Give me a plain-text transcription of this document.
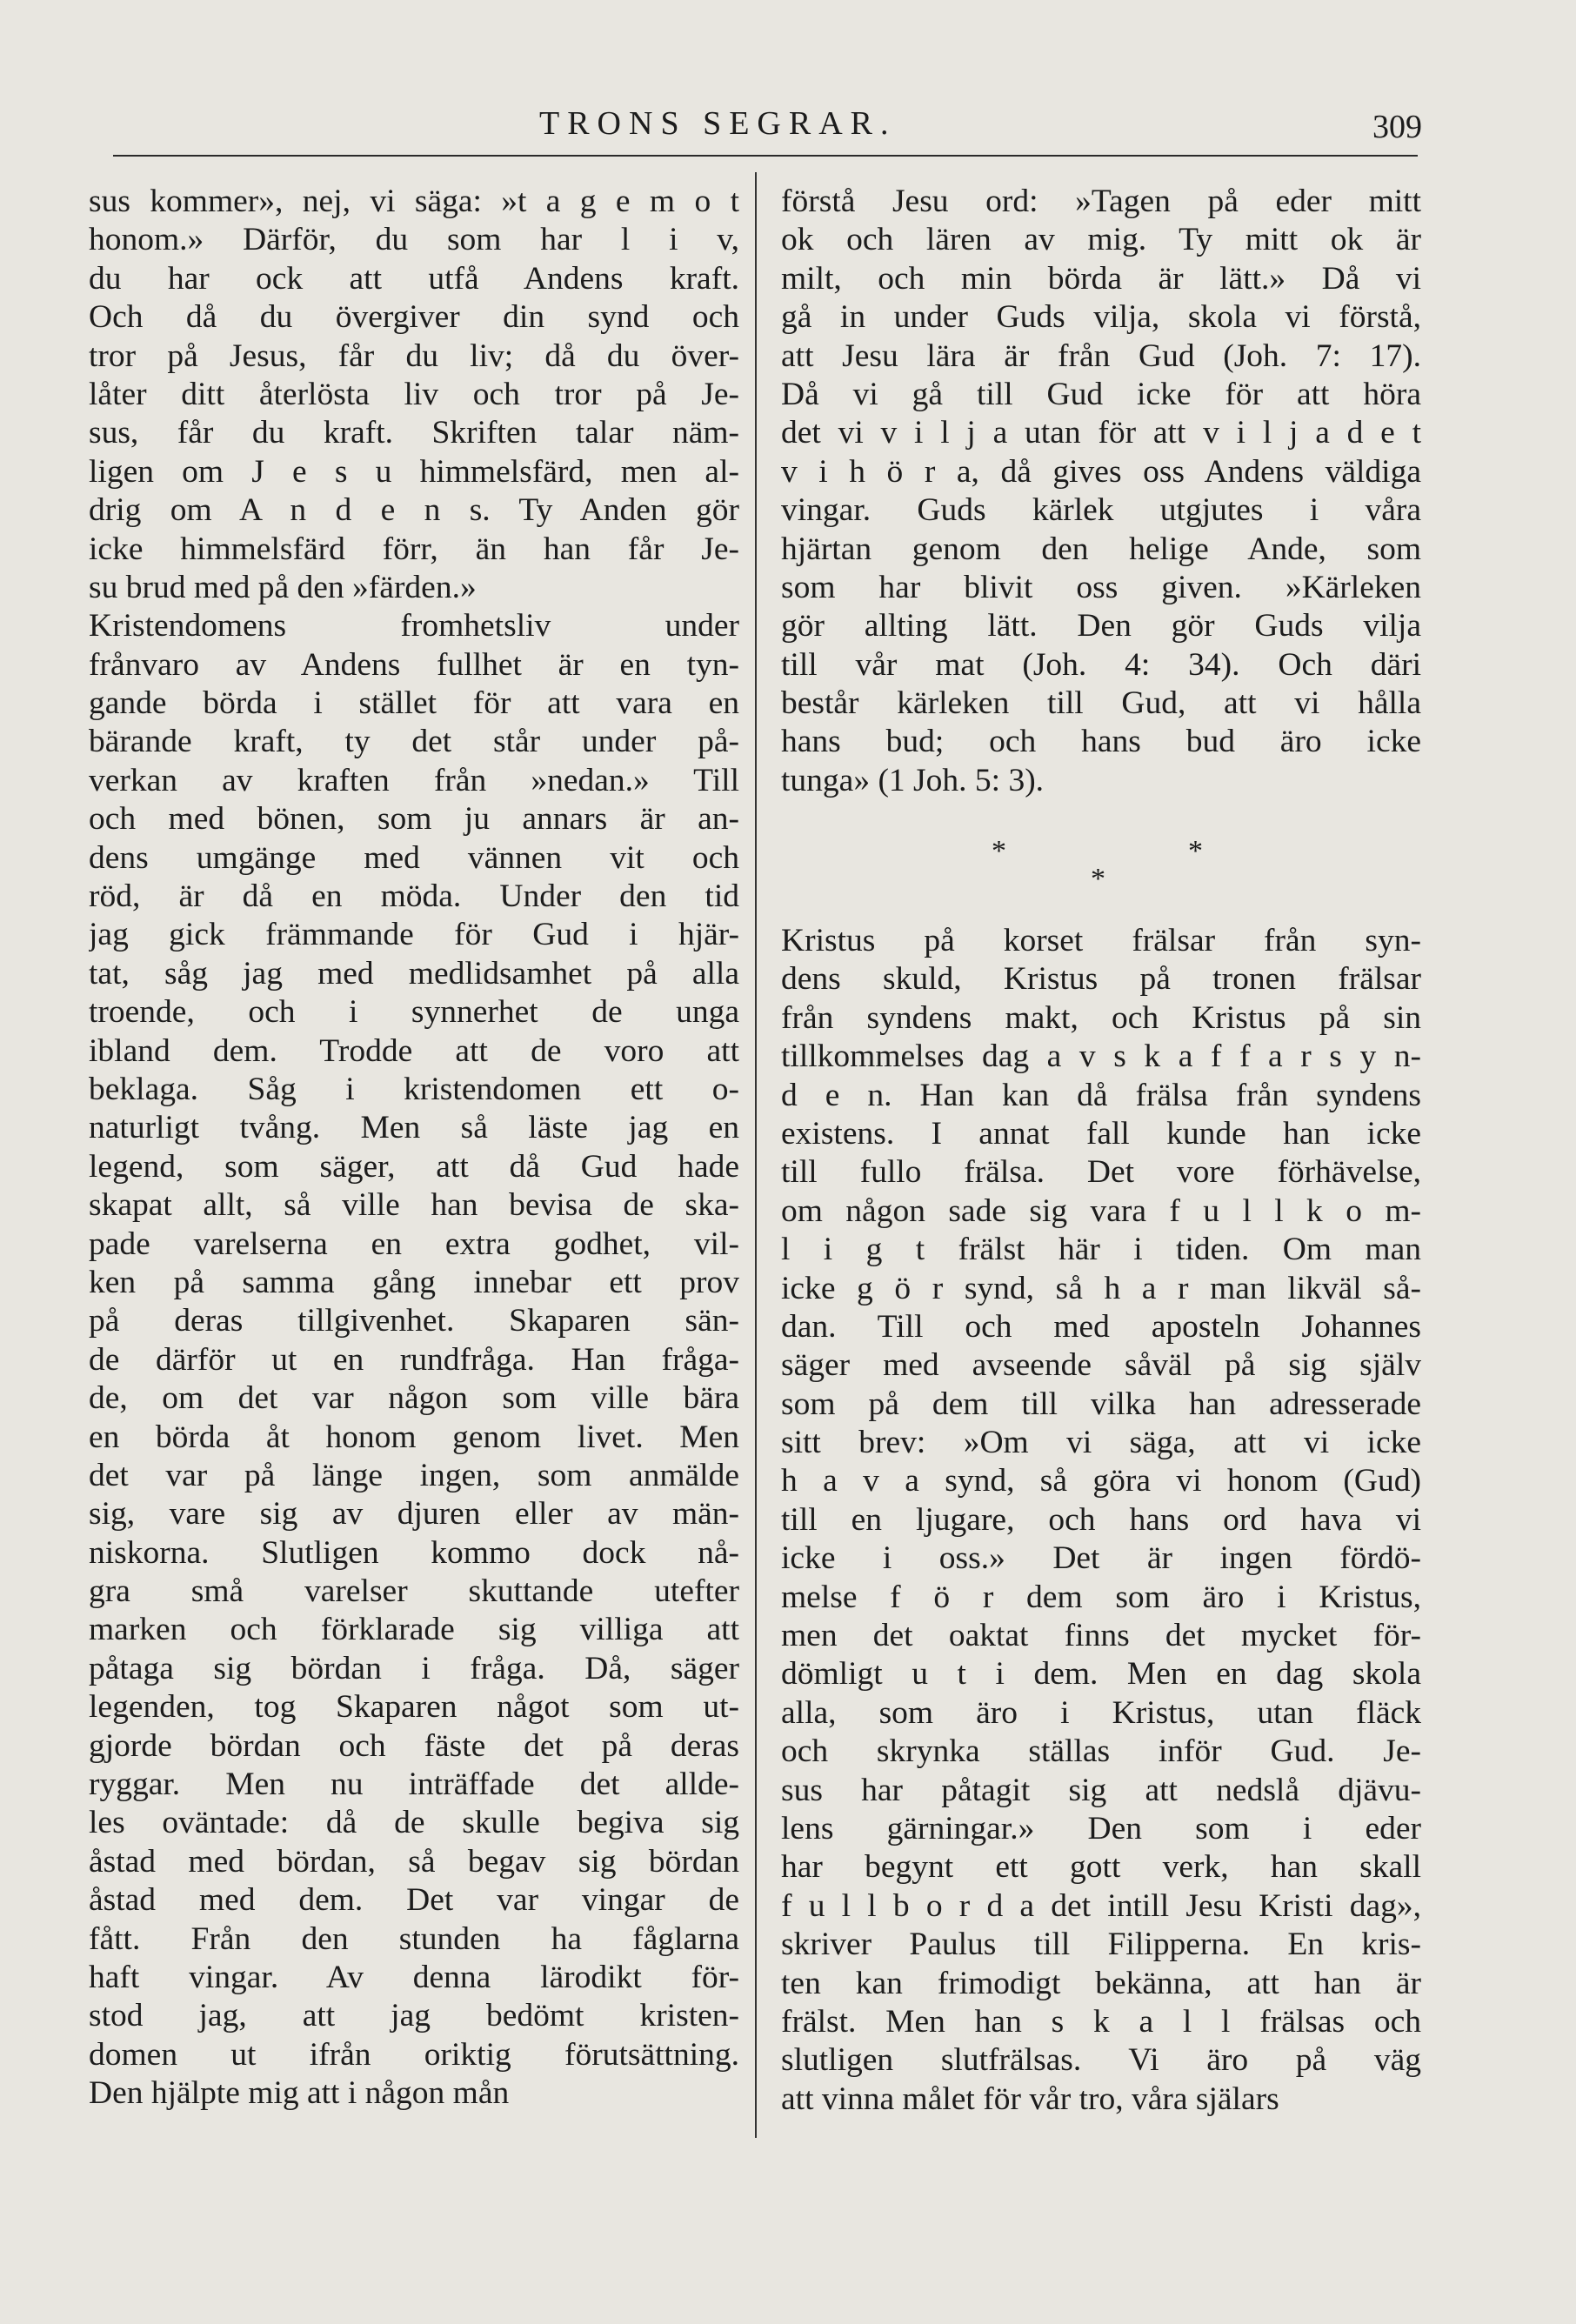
TRONS SEGRAR.	309
sus kommer», nej, vi säga: »t a g e m o t
honom.» Därför, du som har l i v,
du har ock att utfå Andens kraft.
Och då du övergiver din synd och
tror på Jesus, får du liv; då du över-
låter ditt återlösta liv och tror på Je-
sus, får du kraft. Skriften talar näm-
ligen om J e s u himmelsfärd, men al-
drig om A n d e n s. Ty Anden gör
icke himmelsfärd förr, än han får Je-
su brud med på den »färden.»
Kristendomens fromhetsliv under
frånvaro av Andens fullhet är en tyn-
gande börda i stället för att vara en
bärande kraft, ty det står under på-
verkan av kraften från »nedan.» Till
och med bönen, som ju annars är an-
dens umgänge med vännen vit och
röd, är då en möda. Under den tid
jag gick främmande för Gud i hjär-
tat, såg jag med medlidsamhet på alla
troende, och i synnerhet de unga
ibland dem. Trodde att de voro att
beklaga. Såg i kristendomen ett o-
naturligt tvång. Men så läste jag en
legend, som säger, att då Gud hade
skapat allt, så ville han bevisa de ska-
pade varelserna en extra godhet, vil-
ken på samma gång innebar ett prov
på deras tillgivenhet. Skaparen sän-
de därför ut en rundfråga. Han fråga-
de, om det var någon som ville bära
en börda åt honom genom livet. Men
det var på länge ingen, som anmälde
sig, vare sig av djuren eller av män-
niskorna. Slutligen kommo dock nå-
gra små varelser skuttande utefter
marken och förklarade sig villiga att
påtaga sig bördan i fråga. Då, säger
legenden, tog Skaparen något som ut-
gjorde bördan och fäste det på deras
ryggar. Men nu inträffade det allde-
les oväntade: då de skulle begiva sig
åstad med bördan, så begav sig bördan
åstad med dem. Det var vingar de
fått. Från den stunden ha fåglarna
haft vingar. Av denna lärodikt för-
stod jag, att jag bedömt kristen-
domen ut ifrån oriktig förutsättning.
Den hjälpte mig att i någon mån
förstå Jesu ord: »Tagen på eder mitt
ok och lären av mig. Ty mitt ok är
milt, och min börda är lätt.» Då vi
gå in under Guds vilja, skola vi förstå,
att Jesu lära är från Gud (Joh. 7: 17).
Då vi gå till Gud icke för att höra
det vi v i l j a utan för att v i l j a d e t
v i h ö r a, då gives oss Andens väldiga
vingar. Guds kärlek utgjutes i våra
hjärtan genom den helige Ande, som
som har blivit oss given. »Kärleken
gör allting lätt. Den gör Guds vilja
till vår mat (Joh. 4: 34). Och däri
består kärleken till Gud, att vi hålla
hans bud; och hans bud äro icke
tunga» (1 Joh. 5: 3).
*	*
*
Kristus på korset frälsar från syn-
dens skuld, Kristus på tronen frälsar
från syndens makt, och Kristus på sin
tillkommelses dag a v s k a f f a r s y n-
d e n. Han kan då frälsa från syndens
existens. I annat fall kunde han icke
till fullo frälsa. Det vore förhävelse,
om någon sade sig vara f u l l k o m-
l i g t frälst här i tiden. Om man
icke g ö r synd, så h a r man likväl så-
dan. Till och med aposteln Johannes
säger med avseende såväl på sig själv
som på dem till vilka han adresserade
sitt brev: »Om vi säga, att vi icke
h a v a synd, så göra vi honom (Gud)
till en ljugare, och hans ord hava vi
icke i oss.» Det är ingen fördö-
melse f ö r dem som äro i Kristus,
men det oaktat finns det mycket för-
dömligt u t i dem. Men en dag skola
alla, som äro i Kristus, utan fläck
och skrynka ställas inför Gud. Je-
sus har påtagit sig att nedslå djävu-
lens gärningar.» Den som i eder
har begynt ett gott verk, han skall
f u l l b o r d a det intill Jesu Kristi dag»,
skriver Paulus till Filipperna. En kris-
ten kan frimodigt bekänna, att han är
frälst. Men han s k a l l frälsas och
slutligen slutfrälsas. Vi äro på väg
att vinna målet för vår tro, våra själars
